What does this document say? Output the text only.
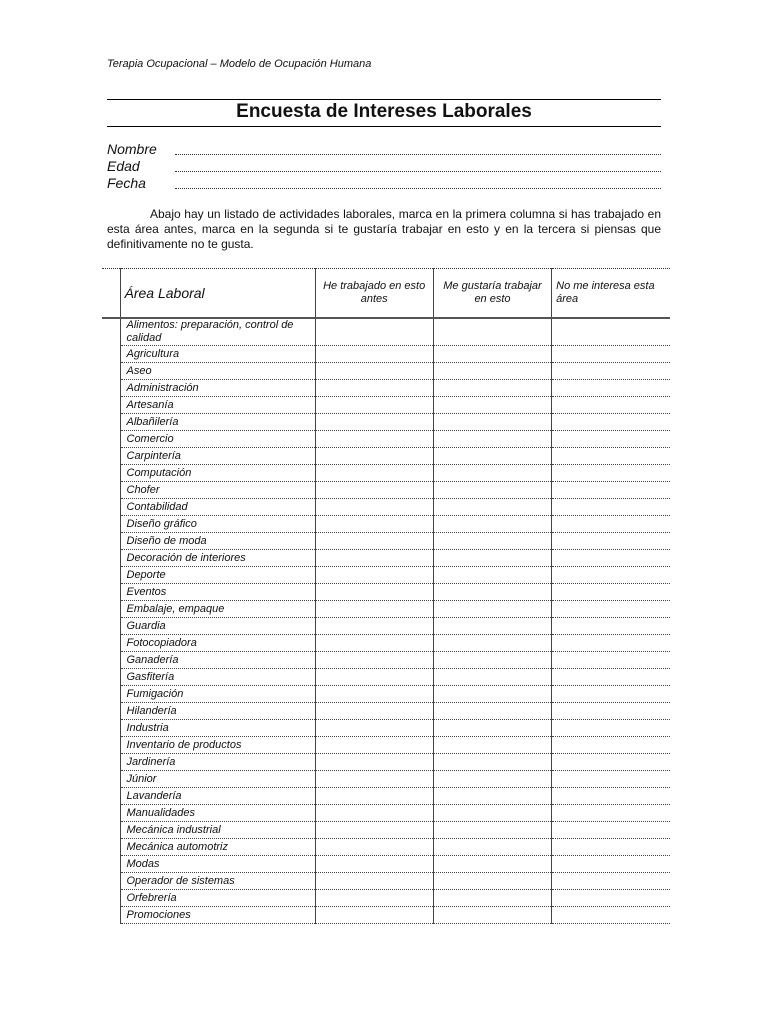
Terapia Ocupacional – Modelo de Ocupación Humana
Encuesta de Intereses Laborales
Nombre
Edad
Fecha
Abajo hay un listado de actividades laborales, marca en la primera columna si has trabajado en esta área antes, marca en la segunda si te gustaría trabajar en esto y en la tercera si piensas que definitivamente no te gusta.
	Área Laboral	He trabajado en esto antes	Me gustaría trabajar en esto	No me interesa esta área
	Alimentos: preparación, control de calidad			
	Agricultura			
	Aseo			
	Administración			
	Artesanía			
	Albañilería			
	Comercio			
	Carpintería			
	Computación			
	Chofer			
	Contabilidad			
	Diseño gráfico			
	Diseño de moda			
	Decoración de interiores			
	Deporte			
	Eventos			
	Embalaje, empaque			
	Guardia			
	Fotocopiadora			
	Ganadería			
	Gasfitería			
	Fumigación			
	Hilandería			
	Industria			
	Inventario de productos			
	Jardinería			
	Júnior			
	Lavandería			
	Manualidades			
	Mecánica industrial			
	Mecánica automotriz			
	Modas			
	Operador de sistemas			
	Orfebrería			
	Promociones			
